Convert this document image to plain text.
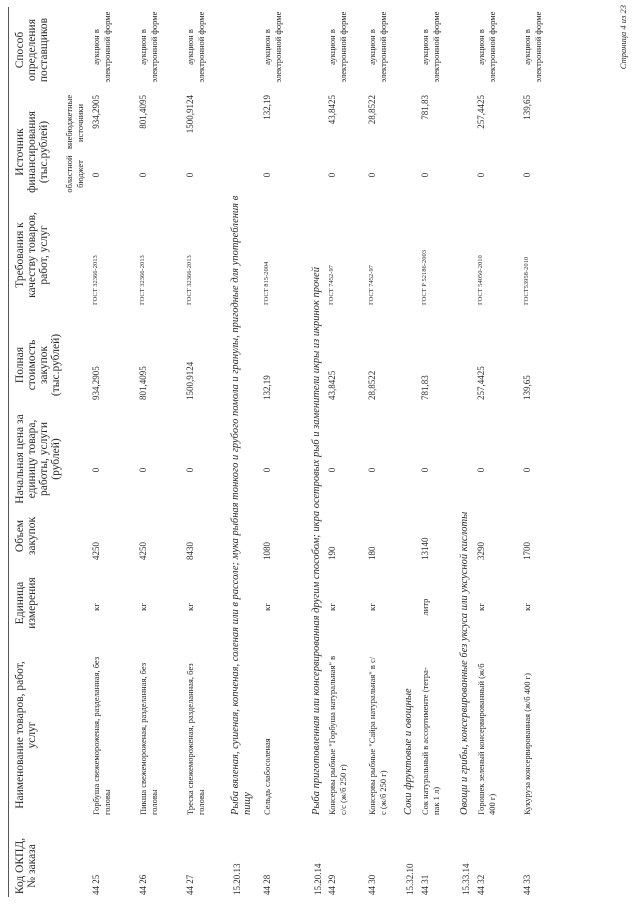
Код ОКПД, № заказа
Наименование товаров, работ, услуг
Единица измерения
Объем закупок
Начальная цена за единицу товара, работы, услуги (рублей)
Полная стоимость закупок (тыс.рублей)
Требования к качеству товаров, работ, услуг
Источник финансирования (тыс.рублей)
Способ определения поставщиков
областной бюджет
внебюджетные источники
44 25
Горбуша свежемороженая, разделанная, без головы
кг
4250
0
934,2905
ГОСТ 32366-2013
0
934,2905
аукцион в электронной форме
44 26
Пикша свежемороженая, разделанная, без головы
кг
4250
0
801,4095
ГОСТ 32366-2013
0
801,4095
аукцион в электронной форме
44 27
Треска свежемороженая, разделанная, без головы
кг
8430
0
1500,9124
ГОСТ 32366-2013
0
1500,9124
аукцион в электронной форме
15.20.13
Рыба вяленая, сушеная, копченая, соленая или в рассоле; мука рыбная тонкого и грубого помола и гранулы, пригодные для употребления в пищу
44 28
Сельдь слабосоленая
кг
1080
0
132,19
ГОСТ 815-2004
0
132,19
аукцион в электронной форме
15.20.14
Рыба приготовленная или консервированная другим способом; икра осетровых рыб и заменители икры из икринок прочей
44 29
Консервы рыбные "Горбуша натуральная" в с/с (ж/б 250 г)
кг
190
0
43,8425
ГОСТ 7452-97
0
43,8425
аукцион в электронной форме
44 30
Консервы рыбные "Сайра натуральная" в с/с (ж/б 250 г)
кг
180
0
28,8522
ГОСТ 7452-97
0
28,8522
аукцион в электронной форме
15.32.10
Соки фруктовые и овощные
44 31
Сок натуральный в ассортименте (тетра-пак 1 л)
литр
13140
0
781,83
ГОСТ Р 52186-2003
0
781,83
аукцион в электронной форме
15.33.14
Овощи и грибы, консервированные без уксуса или уксусной кислоты
44 32
Горошек зеленый консервированный (ж/б 400 г)
кг
3290
0
257,4425
ГОСТ 54050-2010
0
257,4425
аукцион в электронной форме
44 33
Кукуруза консервированная (ж/б 400 г)
кг
1700
0
139,65
ГОСТ53958-2010
0
139,65
аукцион в электронной форме	Страница 4 из 23
